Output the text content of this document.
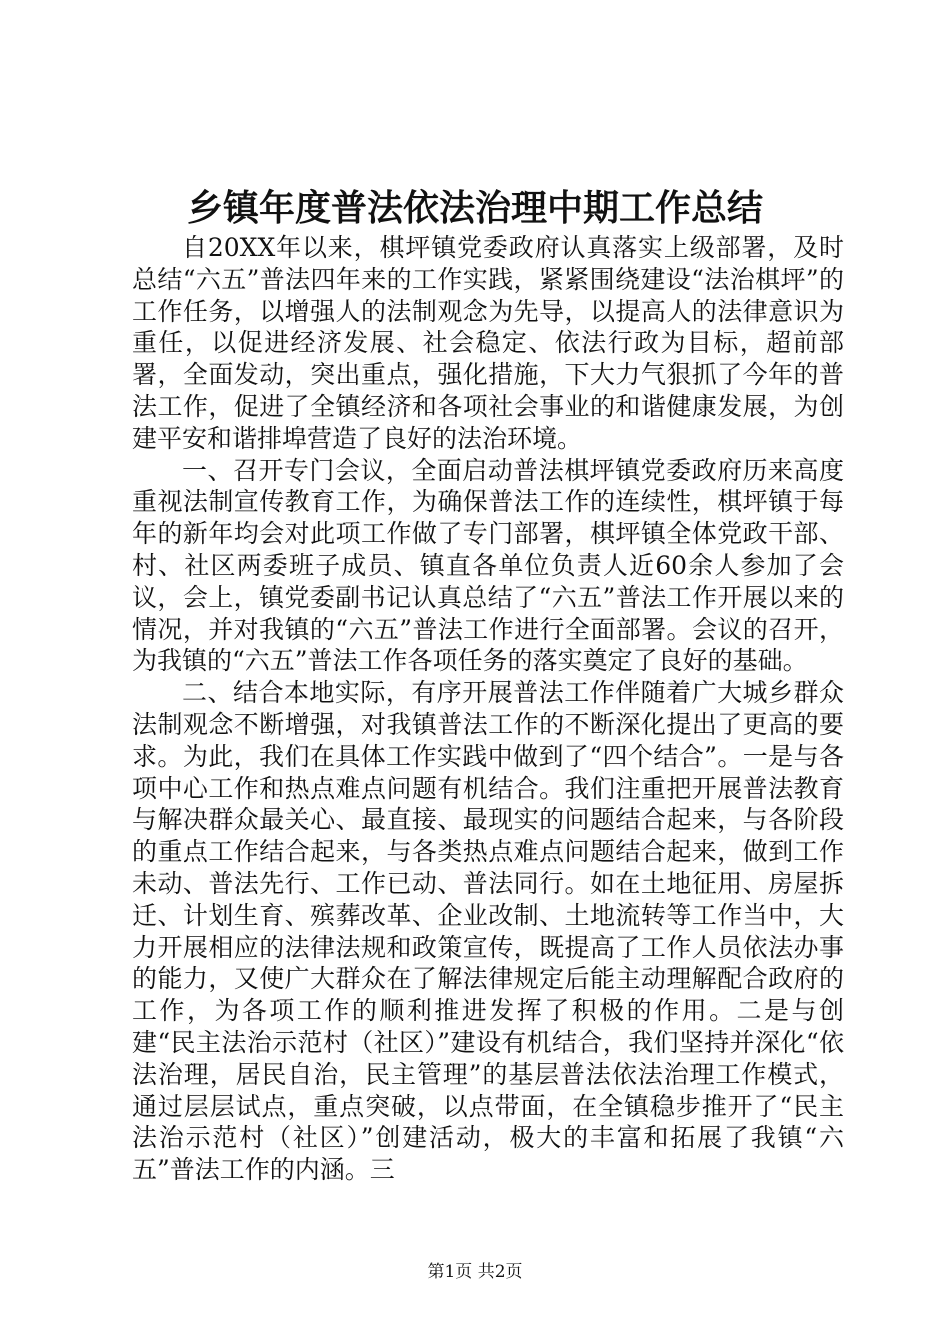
乡镇年度普法依法治理中期工作总结

自20XX年以来，棋坪镇党委政府认真落实上级部署，及时总结“六五”普法四年来的工作实践，紧紧围绕建设“法治棋坪”的工作任务，以增强人的法制观念为先导，以提高人的法律意识为重任，以促进经济发展、社会稳定、依法行政为目标，超前部署，全面发动，突出重点，强化措施，下大力气狠抓了今年的普法工作，促进了全镇经济和各项社会事业的和谐健康发展，为创建平安和谐排埠营造了良好的法治环境。

一、召开专门会议，全面启动普法棋坪镇党委政府历来高度重视法制宣传教育工作，为确保普法工作的连续性，棋坪镇于每年的新年均会对此项工作做了专门部署，棋坪镇全体党政干部、村、社区两委班子成员、镇直各单位负责人近60余人参加了会议，会上，镇党委副书记认真总结了“六五”普法工作开展以来的情况，并对我镇的“六五”普法工作进行全面部署。会议的召开，为我镇的“六五”普法工作各项任务的落实奠定了良好的基础。

二、结合本地实际，有序开展普法工作伴随着广大城乡群众法制观念不断增强，对我镇普法工作的不断深化提出了更高的要求。为此，我们在具体工作实践中做到了“四个结合”。一是与各项中心工作和热点难点问题有机结合。我们注重把开展普法教育与解决群众最关心、最直接、最现实的问题结合起来，与各阶段的重点工作结合起来，与各类热点难点问题结合起来，做到工作未动、普法先行、工作已动、普法同行。如在土地征用、房屋拆迁、计划生育、殡葬改革、企业改制、土地流转等工作当中，大力开展相应的法律法规和政策宣传，既提高了工作人员依法办事的能力，又使广大群众在了解法律规定后能主动理解配合政府的工作，为各项工作的顺利推进发挥了积极的作用。二是与创建“民主法治示范村（社区）”建设有机结合，我们坚持并深化“依法治理，居民自治，民主管理”的基层普法依法治理工作模式，通过层层试点，重点突破，以点带面，在全镇稳步推开了“民主法治示范村（社区）”创建活动，极大的丰富和拓展了我镇“六五”普法工作的内涵。三

第1页 共2页
